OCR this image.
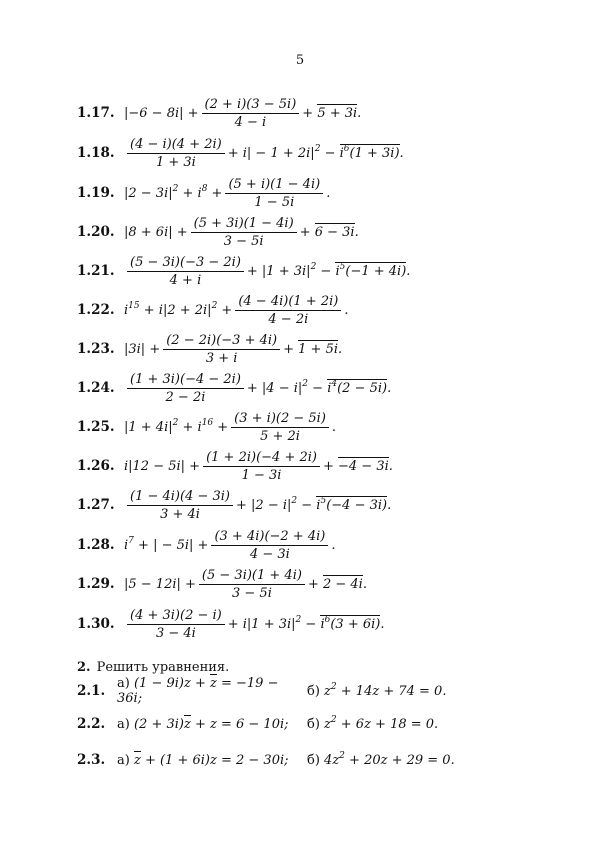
5
1.17. $|-6 - 8i| + \frac{(2 + i)(3 - 5i)}{4 - i} + 5 + 3i$.
1.18. $\frac{(4 - i)(4 + 2i)}{1 + 3i} + i| - 1 + 2i|^2 - i^6(1 + 3i)$.
1.19. $|2 - 3i|^2 + i^8 + \frac{(5 + i)(1 - 4i)}{1 - 5i}$ .
1.20. $|8 + 6i| + \frac{(5 + 3i)(1 - 4i)}{3 - 5i} + 6 - 3i$.
1.21. $\frac{(5 - 3i)(-3 - 2i)}{4 + i} + |1 + 3i|^2 - i^5(-1 + 4i)$.
1.22. $i^{15} + i|2 + 2i|^2 + \frac{(4 - 4i)(1 + 2i)}{4 - 2i}$ .
1.23. $|3i| + \frac{(2 - 2i)(-3 + 4i)}{3 + i} + 1 + 5i$.
1.24. $\frac{(1 + 3i)(-4 - 2i)}{2 - 2i} + |4 - i|^2 - i^4(2 - 5i)$.
1.25. $|1 + 4i|^2 + i^{16} + \frac{(3 + i)(2 - 5i)}{5 + 2i}$ .
1.26. $i|12 - 5i| + \frac{(1 + 2i)(-4 + 2i)}{1 - 3i} + -4 - 3i$.
1.27. $\frac{(1 - 4i)(4 - 3i)}{3 + 4i} + |2 - i|^2 - i^5(-4 - 3i)$.
1.28. $i^7$ + | − $5i| + \frac{(3 + 4i)(-2 + 4i)}{4 - 3i}$ .
1.29. $|5 - 12i| + \frac{(5 - 3i)(1 + 4i)}{3 - 5i} + 2 - 4i$.
1.30. $\frac{(4 + 3i)(2 - i)}{3 - 4i} + i|1 + 3i|^2 - i^6(3 + 6i)$.
2. Решить уравнения.
2.1. а) (1 − 9i)z + z = −19 − 36i;	б) $z^2 + 14z + 74 = 0$.
2.2. а) (2 + 3i)z + z = 6 − 10i;	б) $z^2 + 6z + 18 = 0$.
2.3. а) z + (1 + 6i)z = 2 − 30i;	б) $4z^2 + 20z + 29 = 0$.
